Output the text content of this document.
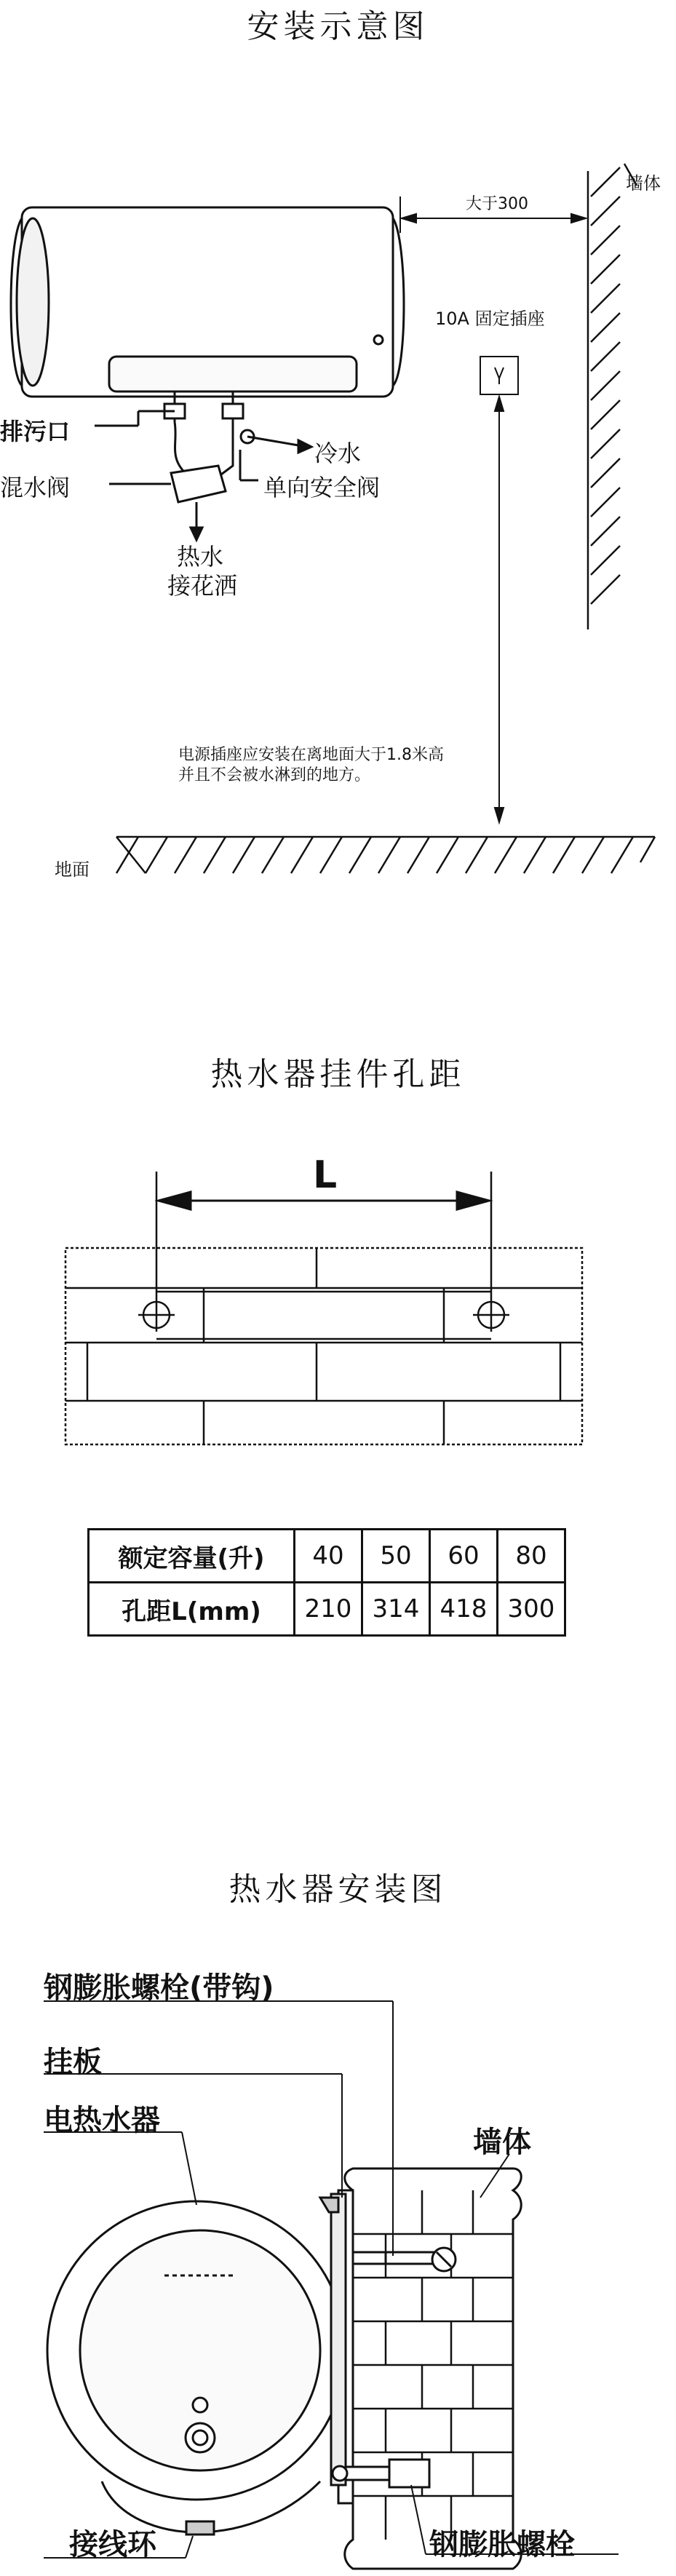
安装示意图
墙体
大于300
10A 固定插座
排污口
冷水
混水阀	单向安全阀
热水
接花洒
电源插座应安装在离地面大于1.8米高
并且不会被水淋到的地方。
地面
热水器挂件孔距
L
额定容量(升)	40	50	60	80
孔距L(mm)	210	314	418	300
热水器安装图
钢膨胀螺栓(带钩)
挂板
电热水器
墙体
接线环	钢膨胀螺栓
